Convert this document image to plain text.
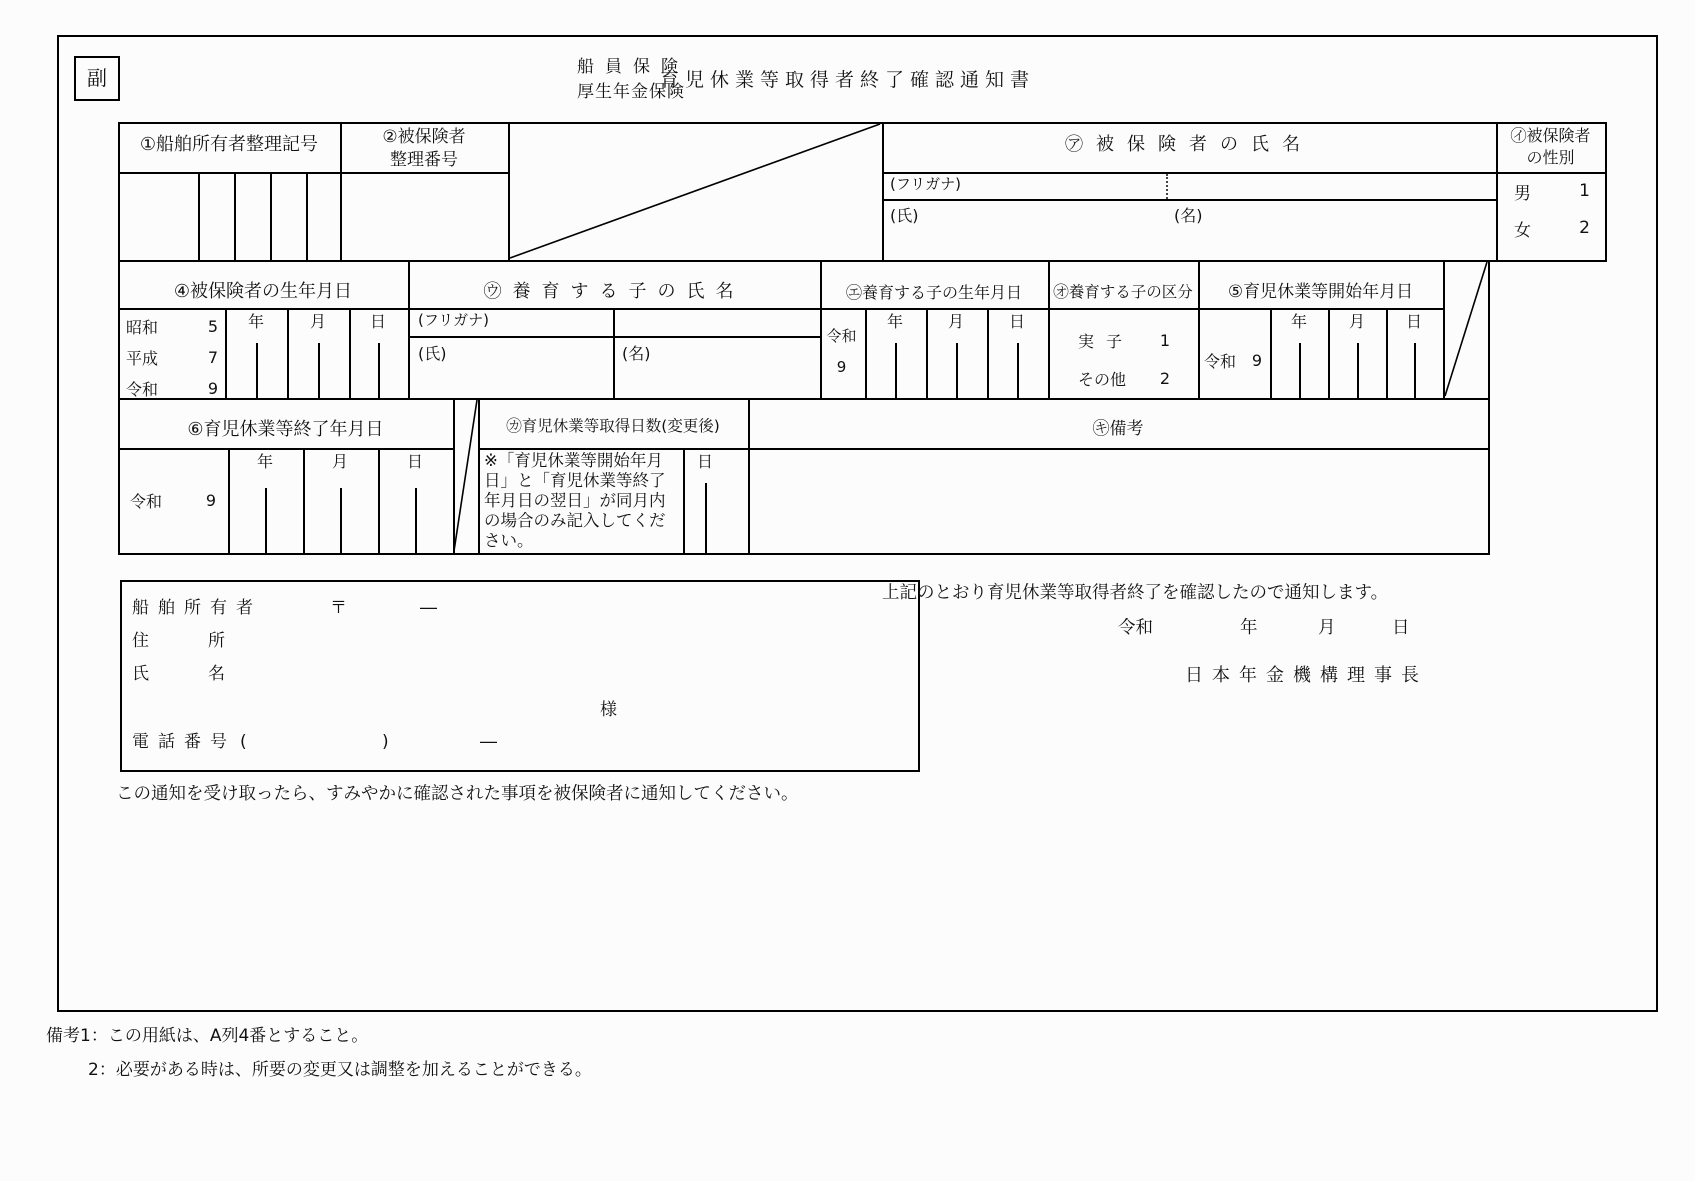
副	船員保険
厚生年金保険
育児休業等取得者終了確認通知書
①船舶所有者整理記号	②被保険者
整理番号
㋐被保険者の氏名
(フリガナ)
(氏)	(名)
㋑被保険者
の性別
男	1
女	2
④被保険者の生年月日
昭和	5
平成	7
令和	9
年	月	日
㋒養育する子の氏名
(フリガナ)
(氏)	(名)
㋓養育する子の生年月日
令和
9
年	月	日
㋔養育する子の区分
実子 1
その他 2
⑤育児休業等開始年月日
令和 9
年	月	日
⑥育児休業等終了年月日
令和	9
年	月	日
㋕育児休業等取得日数(変更後)
※「育児休業等開始年月日」と「育児休業等終了年月日の翌日」が同月内の場合のみ記入してください。
日
㋖備考
船舶所有者	〒	―
住	所
氏	名
様
電話番号 (	)	―
上記のとおり育児休業等取得者終了を確認したので通知します。
令和	年	月	日
日本年金機構理事長
この通知を受け取ったら、すみやかに確認された事項を被保険者に通知してください。
備考1：この用紙は、A列4番とすること。
2：必要がある時は、所要の変更又は調整を加えることができる。
